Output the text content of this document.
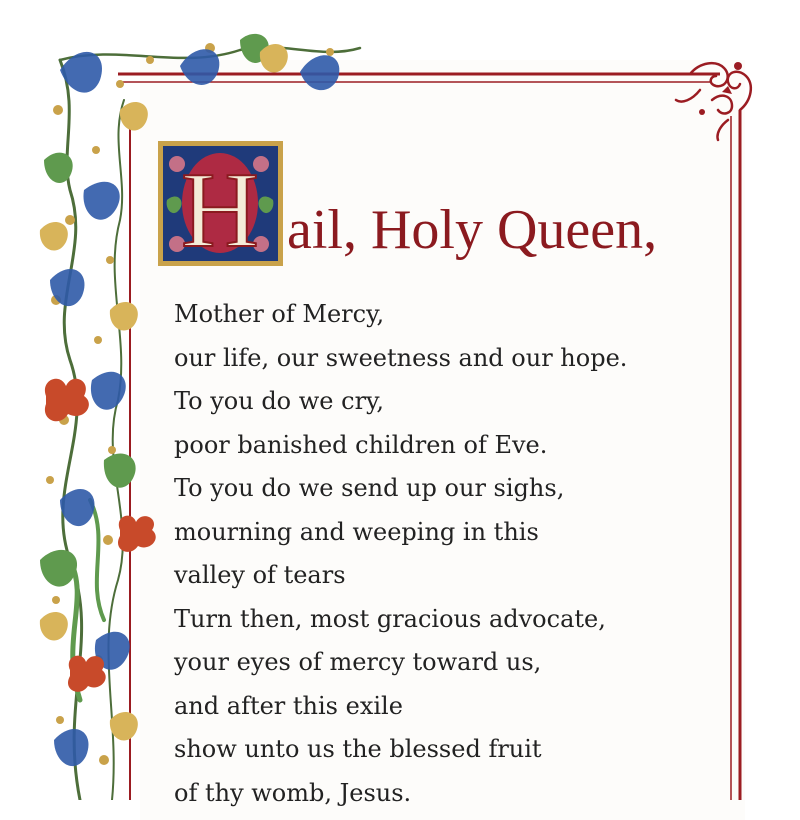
H ail, Holy Queen,
Mother of Mercy,
our life, our sweetness and our hope.
To you do we cry,
poor banished children of Eve.
To you do we send up our sighs,
mourning and weeping in this
valley of tears
Turn then, most gracious advocate,
your eyes of mercy toward us,
and after this exile
show unto us the blessed fruit
of thy womb, Jesus.
